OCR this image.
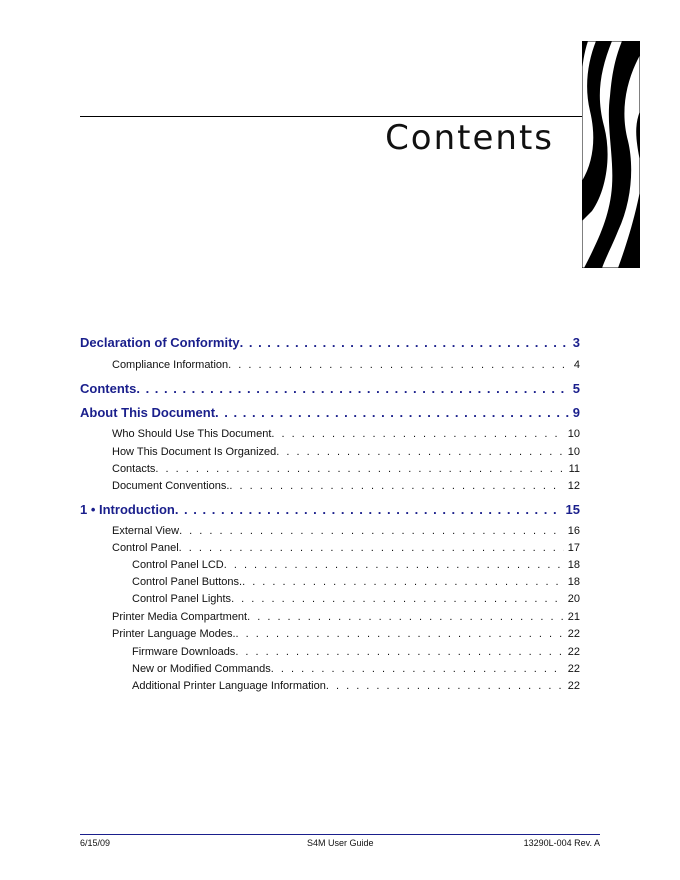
Contents
Declaration of Conformity . . .	3
Compliance Information . . .	4
Contents . . .	5
About This Document . . .	9
Who Should Use This Document . . .	10
How This Document Is Organized . . .	10
Contacts . . .	11
Document Conventions. . . .	12
1 • Introduction . . .	15
External View . . .	16
Control Panel . . .	17
Control Panel LCD . . .	18
Control Panel Buttons. . . .	18
Control Panel Lights . . .	20
Printer Media Compartment . . .	21
Printer Language Modes. . . .	22
Firmware Downloads . . .	22
New or Modified Commands . . .	22
Additional Printer Language Information . . .	22
6/15/09	S4M User Guide	13290L-004 Rev. A
